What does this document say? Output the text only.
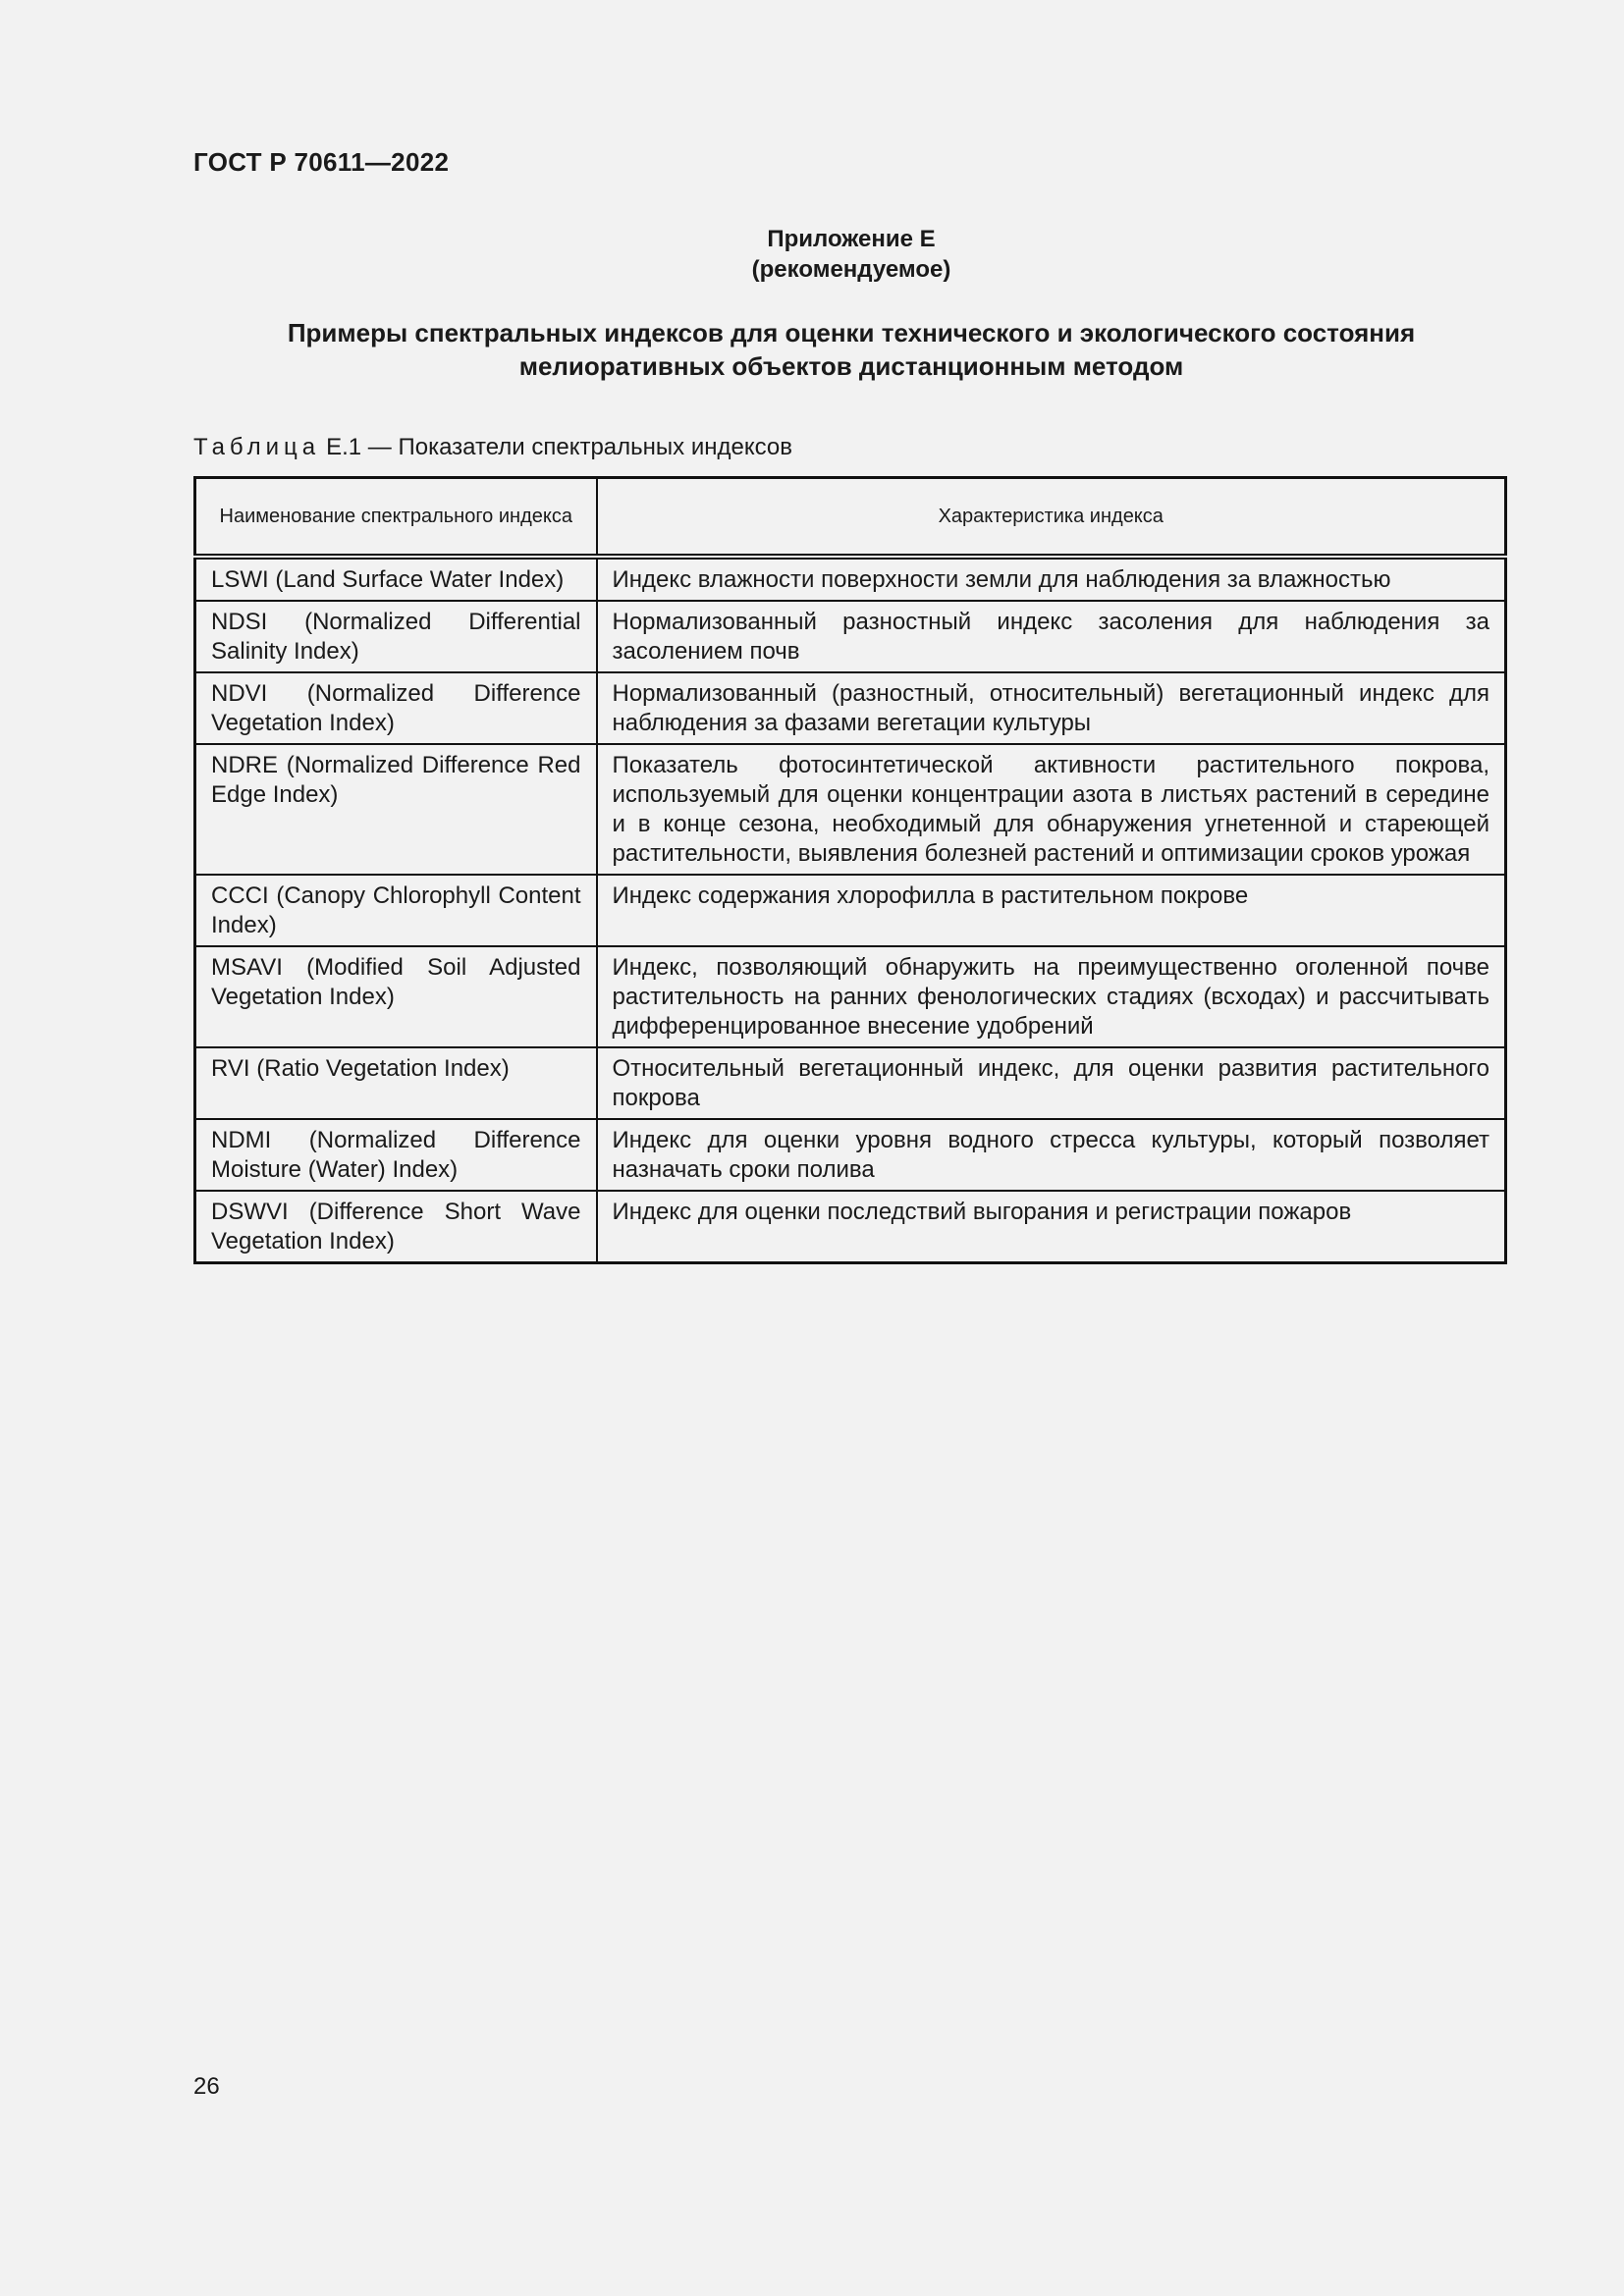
ГОСТ Р 70611—2022
Приложение Е
(рекомендуемое)
Примеры спектральных индексов для оценки технического и экологического состояния
мелиоративных объектов дистанционным методом
Таблица Е.1 — Показатели спектральных индексов
Наименование спектрального индекса	Характеристика индекса
LSWI (Land Surface Water Index)	Индекс влажности поверхности земли для наблюдения за влажностью
NDSI (Normalized Differential Salinity Index)	Нормализованный разностный индекс засоления для наблюдения за засолением почв
NDVI (Normalized Difference Vegetation Index)	Нормализованный (разностный, относительный) вегетационный индекс для наблюдения за фазами вегетации культуры
NDRE (Normalized Difference Red Edge Index)	Показатель фотосинтетической активности растительного покрова, используемый для оценки концентрации азота в листьях растений в середине и в конце сезона, необходимый для обнаружения угнетенной и стареющей растительности, выявления болезней растений и оптимизации сроков урожая
CCCI (Canopy Chlorophyll Content Index)	Индекс содержания хлорофилла в растительном покрове
MSAVI (Modified Soil Adjusted Vegetation Index)	Индекс, позволяющий обнаружить на преимущественно оголенной почве растительность на ранних фенологических стадиях (всходах) и рассчитывать дифференцированное внесение удобрений
RVI (Ratio Vegetation Index)	Относительный вегетационный индекс, для оценки развития растительного покрова
NDMI (Normalized Difference Moisture (Water) Index)	Индекс для оценки уровня водного стресса культуры, который позволяет назначать сроки полива
DSWVI (Difference Short Wave Vegetation Index)	Индекс для оценки последствий выгорания и регистрации пожаров
26
